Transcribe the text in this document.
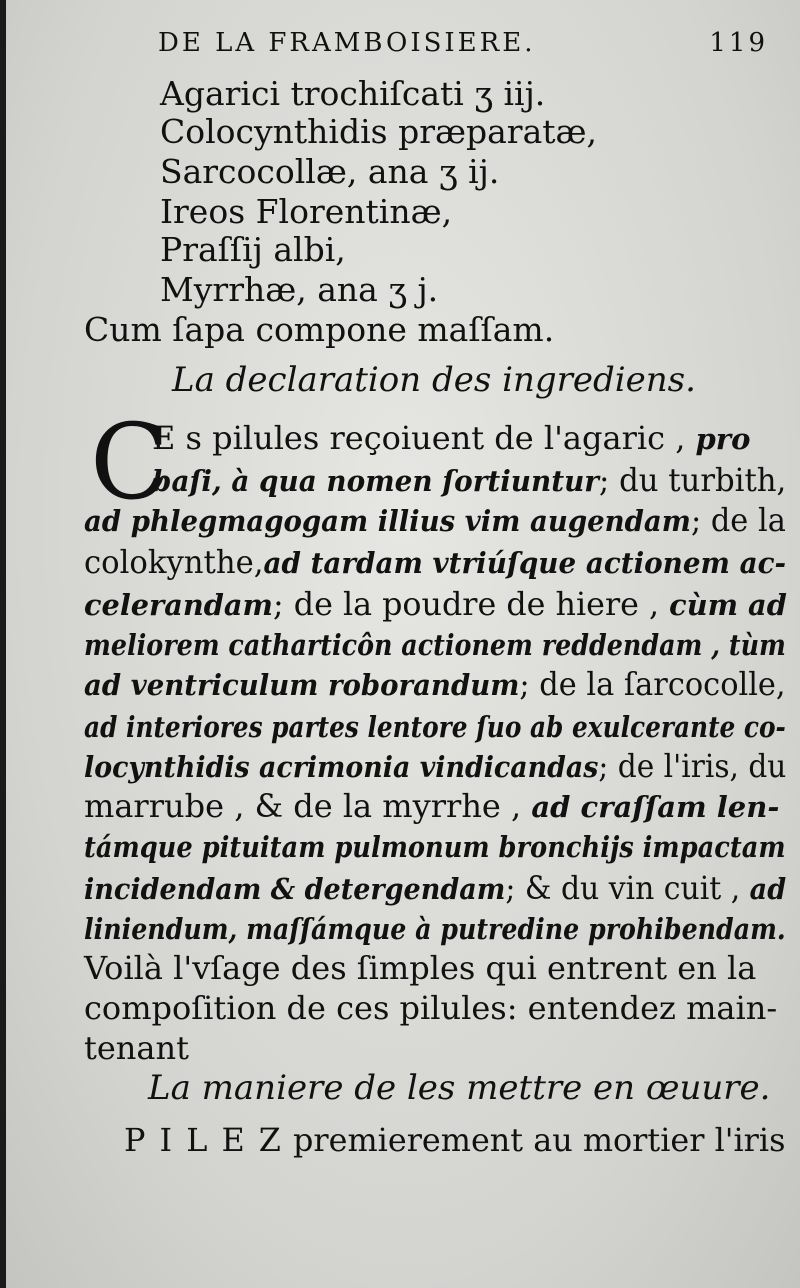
DE LA FRAMBOISIERE.	119
Agarici trochiſcati ʒ iij.
Colocynthidis præparatæ,
Sarcocollæ, ana ʒ ij.
Ireos Florentinæ,
Praſſij albi,
Myrrhæ, ana ʒ j.
Cum ſapa compone maſſam.
La declaration des ingrediens.
C
E s pilules reçoiuent de l'agaric , pro
baſi, à qua nomen ſortiuntur; du turbith,
ad phlegmagogam illius vim augendam; de la
colokynthe,ad tardam vtriúſque actionem ac-
celerandam; de la poudre de hiere , cùm ad
meliorem catharticôn actionem reddendam , tùm
ad ventriculum roborandum; de la ſarcocolle,
ad interiores partes lentore ſuo ab exulcerante co-
locynthidis acrimonia vindicandas; de l'iris, du
marrube , & de la myrrhe , ad craſſam len-
támque pituitam pulmonum bronchijs impactam
incidendam & detergendam; & du vin cuit , ad
liniendum, maſſámque à putredine prohibendam.
Voilà l'vſage des ſimples qui entrent en la
compoſition de ces pilules: entendez main-
tenant
La maniere de les mettre en œuure.
P I L E Z premierement au mortier l'iris
